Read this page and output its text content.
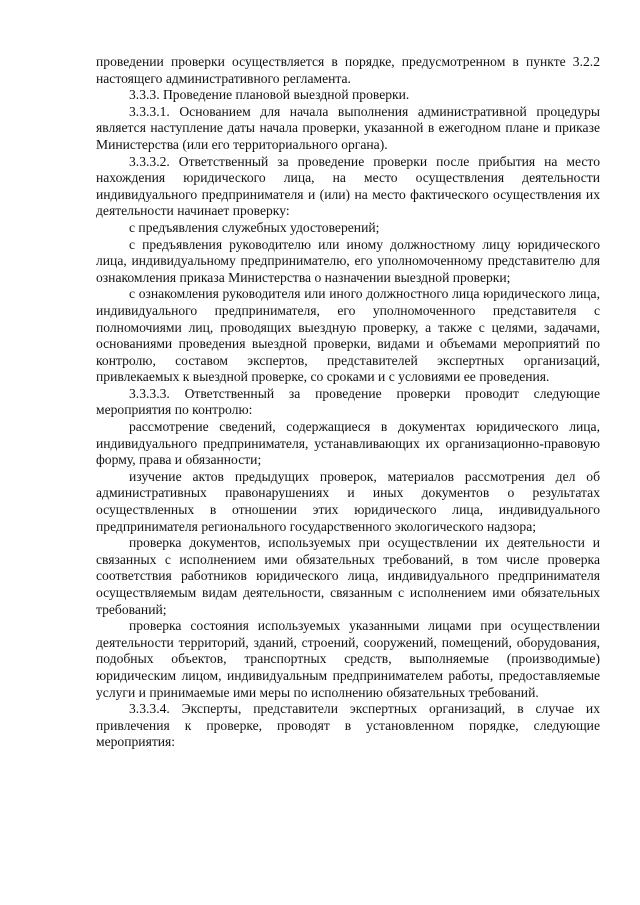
проведении проверки осуществляется в порядке, предусмотренном в пункте 3.2.2 настоящего административного регламента.

3.3.3. Проведение плановой выездной проверки.

3.3.3.1. Основанием для начала выполнения административной процедуры является наступление даты начала проверки, указанной в ежегодном плане и приказе Министерства (или его территориального органа).

3.3.3.2. Ответственный за проведение проверки после прибытия на место нахождения юридического лица, на место осуществления деятельности индивидуального предпринимателя и (или) на место фактического осуществления их деятельности начинает проверку:

с предъявления служебных удостоверений;

с предъявления руководителю или иному должностному лицу юридического лица, индивидуальному предпринимателю, его уполномоченному представителю для ознакомления приказа Министерства о назначении выездной проверки;

с ознакомления руководителя или иного должностного лица юридического лица, индивидуального предпринимателя, его уполномоченного представителя с полномочиями лиц, проводящих выездную проверку, а также с целями, задачами, основаниями проведения выездной проверки, видами и объемами мероприятий по контролю, составом экспертов, представителей экспертных организаций, привлекаемых к выездной проверке, со сроками и с условиями ее проведения.

3.3.3.3. Ответственный за проведение проверки проводит следующие мероприятия по контролю:

рассмотрение сведений, содержащиеся в документах юридического лица, индивидуального предпринимателя, устанавливающих их организационно-правовую форму, права и обязанности;

изучение актов предыдущих проверок, материалов рассмотрения дел об административных правонарушениях и иных документов о результатах осуществленных в отношении этих юридического лица, индивидуального предпринимателя регионального государственного экологического надзора;

проверка документов, используемых при осуществлении их деятельности и связанных с исполнением ими обязательных требований, в том числе проверка соответствия работников юридического лица, индивидуального предпринимателя осуществляемым видам деятельности, связанным с исполнением ими обязательных требований;

проверка состояния используемых указанными лицами при осуществлении деятельности территорий, зданий, строений, сооружений, помещений, оборудования, подобных объектов, транспортных средств, выполняемые (производимые) юридическим лицом, индивидуальным предпринимателем работы, предоставляемые услуги и принимаемые ими меры по исполнению обязательных требований.

3.3.3.4. Эксперты, представители экспертных организаций, в случае их привлечения к проверке, проводят в установленном порядке, следующие мероприятия:
